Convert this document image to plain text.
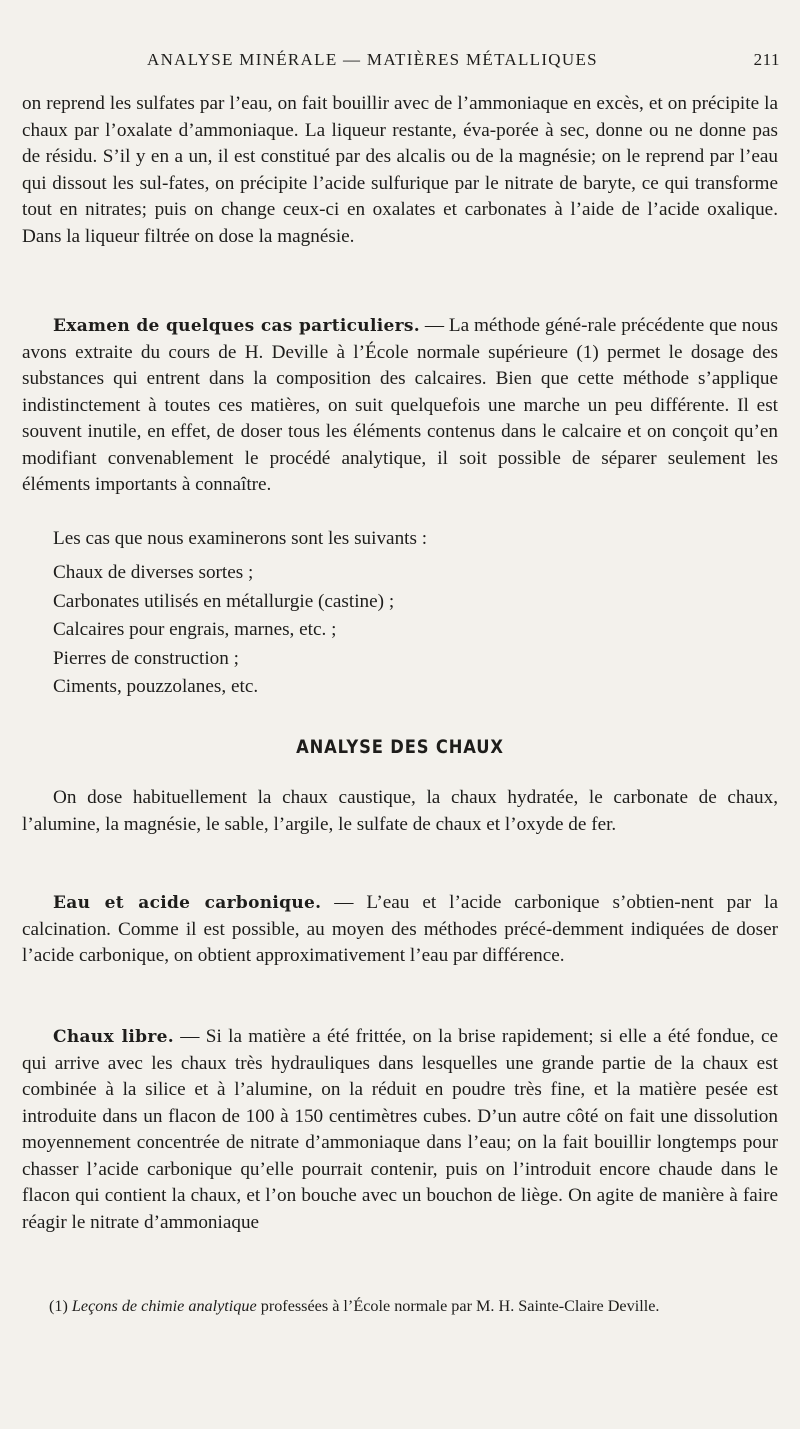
ANALYSE MINÉRALE — MATIÈRES MÉTALLIQUES	211

on reprend les sulfates par l’eau, on fait bouillir avec de l’ammoniaque en excès, et on précipite la chaux par l’oxalate d’ammoniaque. La liqueur restante, éva-porée à sec, donne ou ne donne pas de résidu. S’il y en a un, il est constitué par des alcalis ou de la magnésie; on le reprend par l’eau qui dissout les sul-fates, on précipite l’acide sulfurique par le nitrate de baryte, ce qui transforme tout en nitrates; puis on change ceux-ci en oxalates et carbonates à l’aide de l’acide oxalique. Dans la liqueur filtrée on dose la magnésie.

Examen de quelques cas particuliers. — La méthode géné-rale précédente que nous avons extraite du cours de H. Deville à l’École normale supérieure (1) permet le dosage des substances qui entrent dans la composition des calcaires. Bien que cette méthode s’applique indistinctement à toutes ces matières, on suit quelquefois une marche un peu différente. Il est souvent inutile, en effet, de doser tous les éléments contenus dans le calcaire et on conçoit qu’en modifiant convenablement le procédé analytique, il soit possible de séparer seulement les éléments importants à connaître.

Les cas que nous examinerons sont les suivants :

Chaux de diverses sortes ;
Carbonates utilisés en métallurgie (castine) ;
Calcaires pour engrais, marnes, etc. ;
Pierres de construction ;
Ciments, pouzzolanes, etc.
ANALYSE DES CHAUX

On dose habituellement la chaux caustique, la chaux hydratée, le carbonate de chaux, l’alumine, la magnésie, le sable, l’argile, le sulfate de chaux et l’oxyde de fer.

Eau et acide carbonique. — L’eau et l’acide carbonique s’obtien-nent par la calcination. Comme il est possible, au moyen des méthodes précé-demment indiquées de doser l’acide carbonique, on obtient approximativement l’eau par différence.

Chaux libre. — Si la matière a été frittée, on la brise rapidement; si elle a été fondue, ce qui arrive avec les chaux très hydrauliques dans lesquelles une grande partie de la chaux est combinée à la silice et à l’alumine, on la réduit en poudre très fine, et la matière pesée est introduite dans un flacon de 100 à 150 centimètres cubes. D’un autre côté on fait une dissolution moyennement concentrée de nitrate d’ammoniaque dans l’eau; on la fait bouillir longtemps pour chasser l’acide carbonique qu’elle pourrait contenir, puis on l’introduit encore chaude dans le flacon qui contient la chaux, et l’on bouche avec un bouchon de liège. On agite de manière à faire réagir le nitrate d’ammoniaque

(1) Leçons de chimie analytique professées à l’École normale par M. H. Sainte-Claire Deville.
